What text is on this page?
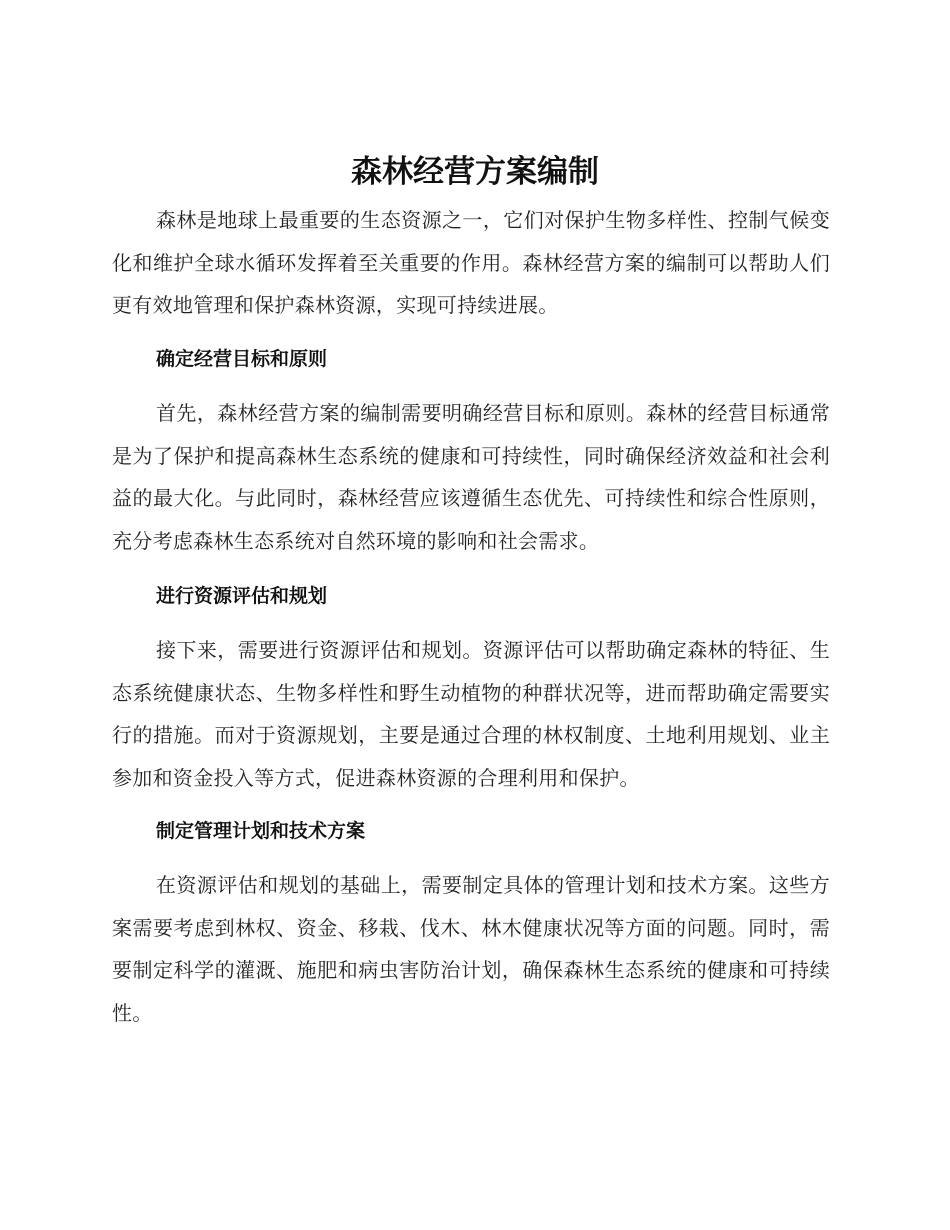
森林经营方案编制

森林是地球上最重要的生态资源之一，它们对保护生物多样性、控制气候变化和维护全球水循环发挥着至关重要的作用。森林经营方案的编制可以帮助人们更有效地管理和保护森林资源，实现可持续进展。

确定经营目标和原则

首先，森林经营方案的编制需要明确经营目标和原则。森林的经营目标通常是为了保护和提高森林生态系统的健康和可持续性，同时确保经济效益和社会利益的最大化。与此同时，森林经营应该遵循生态优先、可持续性和综合性原则，充分考虑森林生态系统对自然环境的影响和社会需求。

进行资源评估和规划

接下来，需要进行资源评估和规划。资源评估可以帮助确定森林的特征、生态系统健康状态、生物多样性和野生动植物的种群状况等，进而帮助确定需要实行的措施。而对于资源规划，主要是通过合理的林权制度、土地利用规划、业主参加和资金投入等方式，促进森林资源的合理利用和保护。

制定管理计划和技术方案

在资源评估和规划的基础上，需要制定具体的管理计划和技术方案。这些方案需要考虑到林权、资金、移栽、伐木、林木健康状况等方面的问题。同时，需要制定科学的灌溉、施肥和病虫害防治计划，确保森林生态系统的健康和可持续性。
